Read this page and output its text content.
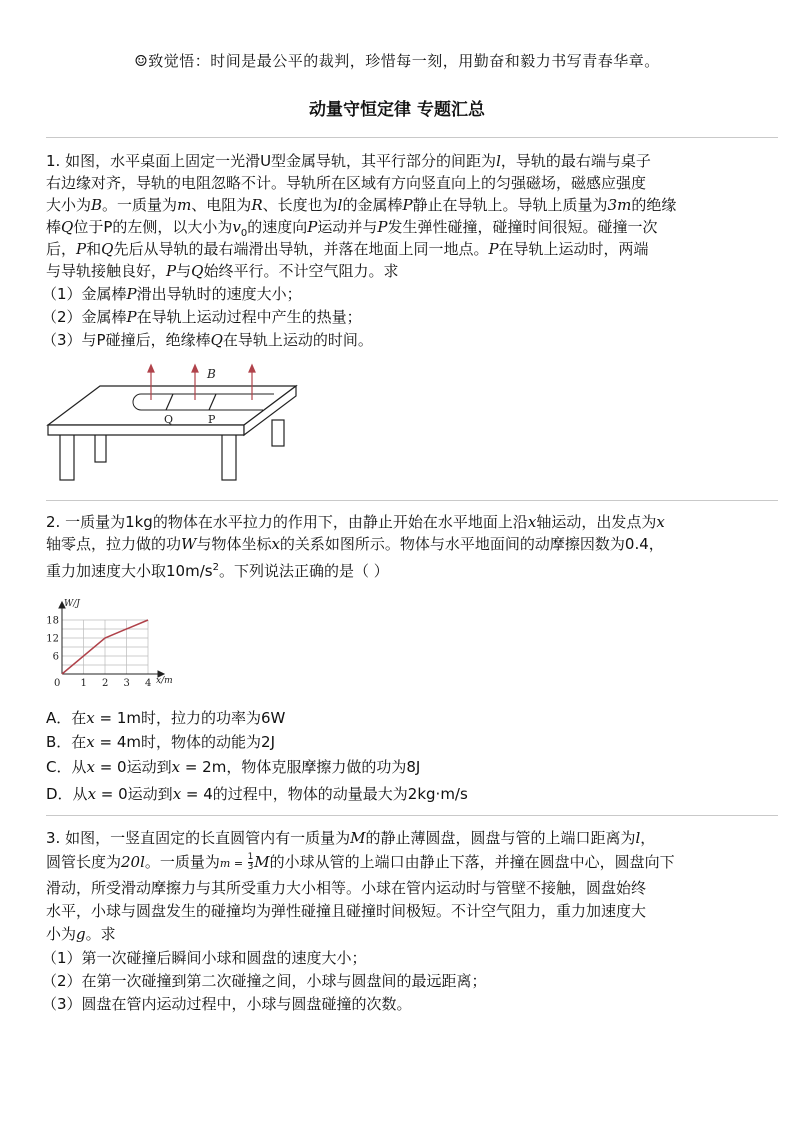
☺致觉悟：时间是最公平的裁判，珍惜每一刻，用勤奋和毅力书写青春华章。
动量守恒定律 专题汇总
1. 如图，水平桌面上固定一光滑U型金属导轨，其平行部分的间距为l，导轨的最右端与桌子
右边缘对齐，导轨的电阻忽略不计。导轨所在区域有方向竖直向上的匀强磁场，磁感应强度
大小为B。一质量为m、电阻为R、长度也为l的金属棒P静止在导轨上。导轨上质量为3m的绝缘
棒Q位于P的左侧，以大小为$v_0$的速度向P运动并与P发生弹性碰撞，碰撞时间很短。碰撞一次
后，P和Q先后从导轨的最右端滑出导轨，并落在地面上同一地点。P在导轨上运动时，两端
与导轨接触良好，P与Q始终平行。不计空气阻力。求
（1）金属棒P滑出导轨时的速度大小；
（2）金属棒P在导轨上运动过程中产生的热量；
（3）与P碰撞后，绝缘棒Q在导轨上运动的时间。
B
Q	P
2. 一质量为1kg的物体在水平拉力的作用下，由静止开始在水平地面上沿x轴运动，出发点为x
轴零点，拉力做的功W与物体坐标x的关系如图所示。物体与水平地面间的动摩擦因数为0.4，
重力加速度大小取$10m/s^2$。下列说法正确的是（ ）
0 1 2 3 4
6
12
18
W/J
x/m
A．在x = 1m时，拉力的功率为6W
B．在x = 4m时，物体的动能为2J
C．从x = 0运动到x = 2m，物体克服摩擦力做的功为8J
D．从x = 0运动到x = 4的过程中，物体的动量最大为2kg·m/s
3. 如图，一竖直固定的长直圆管内有一质量为M的静止薄圆盘，圆盘与管的上端口距离为l，
圆管长度为20l。一质量为$m = \frac{1}{3}$ M的小球从管的上端口由静止下落，并撞在圆盘中心，圆盘向下
滑动，所受滑动摩擦力与其所受重力大小相等。小球在管内运动时与管壁不接触，圆盘始终
水平，小球与圆盘发生的碰撞均为弹性碰撞且碰撞时间极短。不计空气阻力，重力加速度大
小为g。求
（1）第一次碰撞后瞬间小球和圆盘的速度大小；
（2）在第一次碰撞到第二次碰撞之间，小球与圆盘间的最远距离；
（3）圆盘在管内运动过程中，小球与圆盘碰撞的次数。
